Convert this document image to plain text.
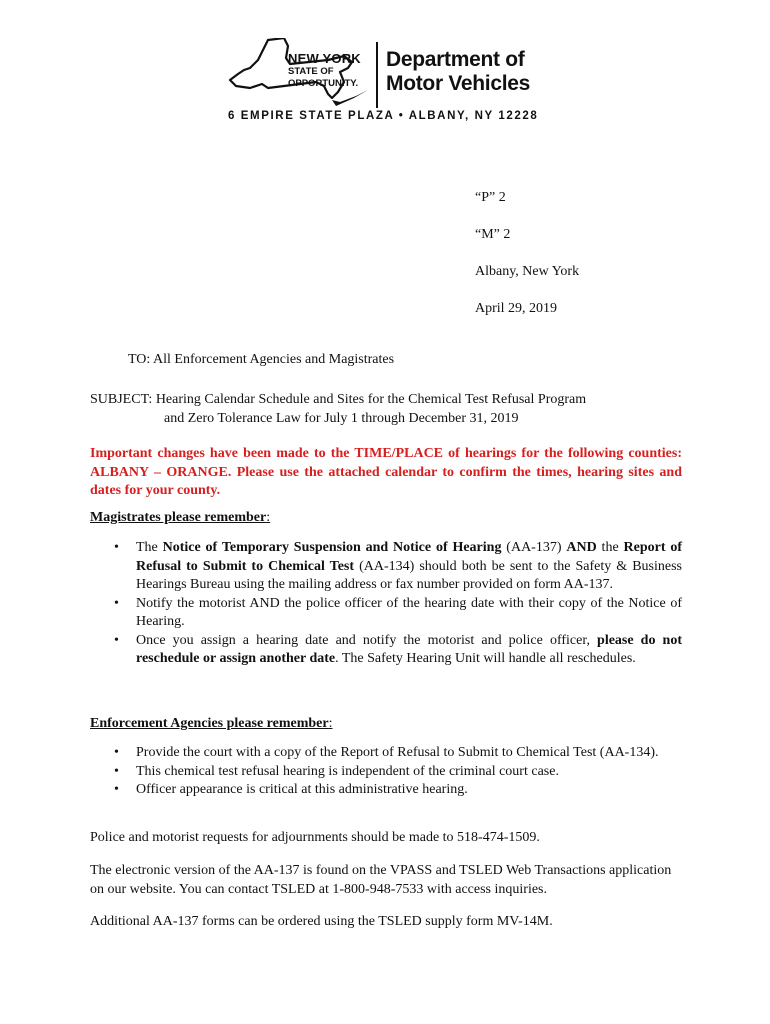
NEW YORK
STATE OF
OPPORTUNITY.
Department of
Motor Vehicles
6 EMPIRE STATE PLAZA • ALBANY, NY 12228
“P” 2
“M” 2
Albany, New York
April 29, 2019
TO: All Enforcement Agencies and Magistrates
SUBJECT: Hearing Calendar Schedule and Sites for the Chemical Test Refusal Program
and Zero Tolerance Law for July 1 through December 31, 2019
Important changes have been made to the TIME/PLACE of hearings for the following counties: ALBANY – ORANGE. Please use the attached calendar to confirm the times, hearing sites and dates for your county.
Magistrates please remember:
• The Notice of Temporary Suspension and Notice of Hearing (AA-137) AND the Report of Refusal to Submit to Chemical Test (AA-134) should both be sent to the Safety & Business Hearings Bureau using the mailing address or fax number provided on form AA-137.
• Notify the motorist AND the police officer of the hearing date with their copy of the Notice of Hearing.
• Once you assign a hearing date and notify the motorist and police officer, please do not reschedule or assign another date. The Safety Hearing Unit will handle all reschedules.
Enforcement Agencies please remember:
• Provide the court with a copy of the Report of Refusal to Submit to Chemical Test (AA-134).
• This chemical test refusal hearing is independent of the criminal court case.
• Officer appearance is critical at this administrative hearing.
Police and motorist requests for adjournments should be made to 518-474-1509.
The electronic version of the AA-137 is found on the VPASS and TSLED Web Transactions application on our website. You can contact TSLED at 1-800-948-7533 with access inquiries.
Additional AA-137 forms can be ordered using the TSLED supply form MV-14M.
